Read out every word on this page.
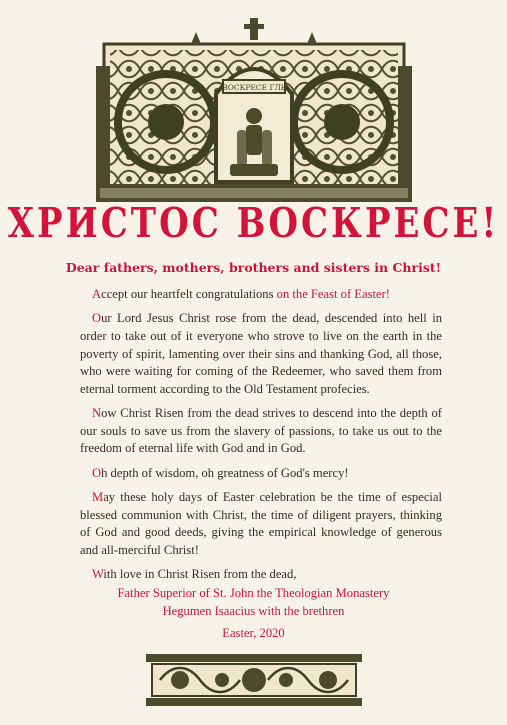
ВОСКРЕСЕ ГЛЬ
ХРИСТОС ВОСКРЕСЕ!
Dear fathers, mothers, brothers and sisters in Christ!

Accept our heartfelt congratulations on the Feast of Easter!

Our Lord Jesus Christ rose from the dead, descended into hell in order to take out of it everyone who strove to live on the earth in the poverty of spirit, lamenting over their sins and thanking God, all those, who were waiting for coming of the Redeemer, who saved them from eternal torment according to the Old Testament profecies.

Now Christ Risen from the dead strives to descend into the depth of our souls to save us from the slavery of passions, to take us out to the freedom of eternal life with God and in God.

Oh depth of wisdom, oh greatness of God's mercy!

May these holy days of Easter celebration be the time of especial blessed communion with Christ, the time of diligent prayers, thinking of God and good deeds, giving the empirical knowledge of generous and all-merciful Christ!

With love in Christ Risen from the dead,

Father Superior of St. John the Theologian Monastery
Hegumen Isaacius with the brethren
Easter, 2020
